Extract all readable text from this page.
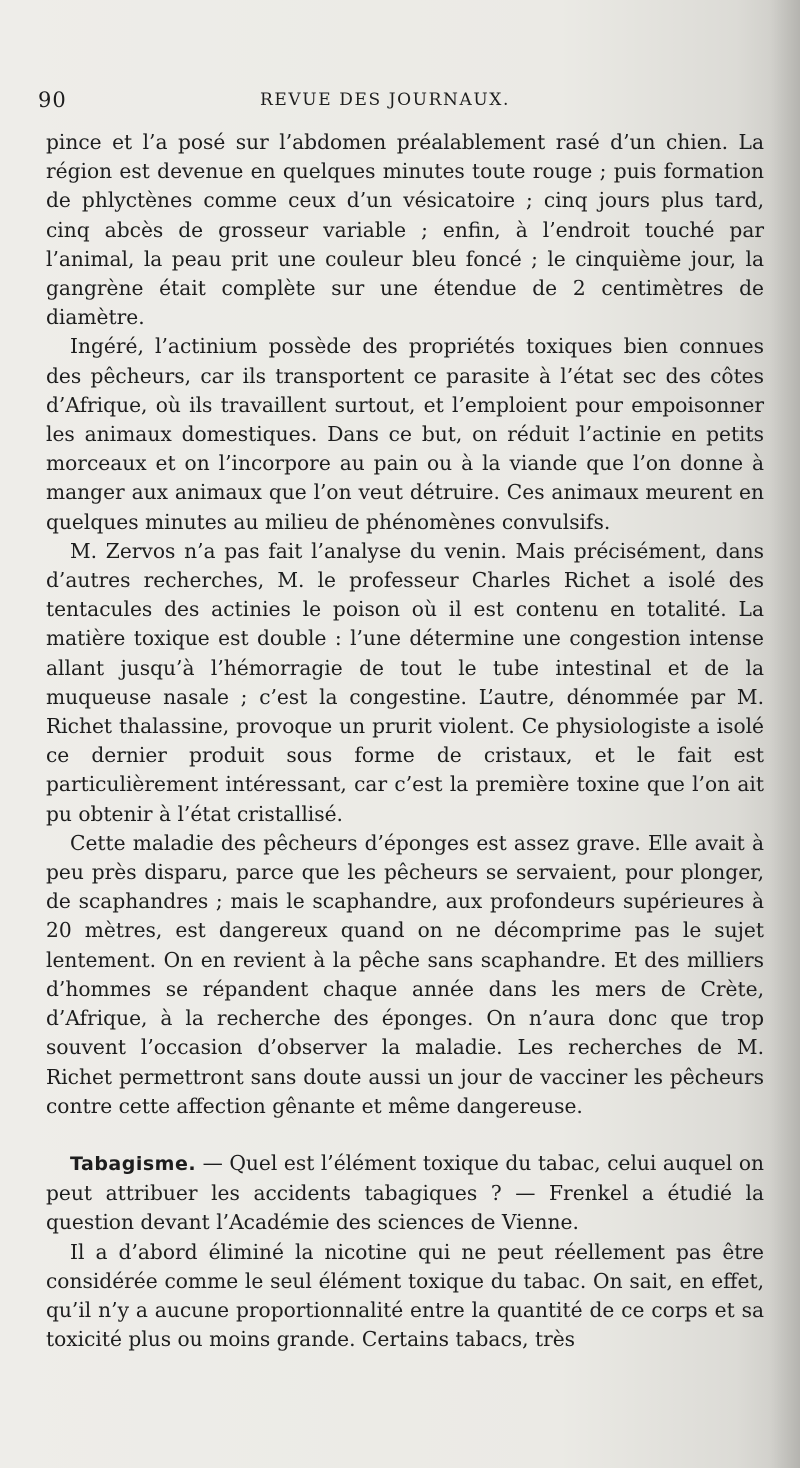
90	REVUE DES JOURNAUX.

pince et l’a posé sur l’abdomen préalablement rasé d’un chien. La région est devenue en quelques minutes toute rouge ; puis formation de phlyctènes comme ceux d’un vésicatoire ; cinq jours plus tard, cinq abcès de grosseur variable ; enfin, à l’endroit touché par l’animal, la peau prit une couleur bleu foncé ; le cinquième jour, la gangrène était complète sur une étendue de 2 centimètres de diamètre.

Ingéré, l’actinium possède des propriétés toxiques bien connues des pêcheurs, car ils transportent ce parasite à l’état sec des côtes d’Afrique, où ils travaillent surtout, et l’emploient pour empoisonner les animaux domestiques. Dans ce but, on réduit l’actinie en petits morceaux et on l’incorpore au pain ou à la viande que l’on donne à manger aux animaux que l’on veut détruire. Ces animaux meurent en quelques minutes au milieu de phénomènes convulsifs.

M. Zervos n’a pas fait l’analyse du venin. Mais précisément, dans d’autres recherches, M. le professeur Charles Richet a isolé des tentacules des actinies le poison où il est contenu en totalité. La matière toxique est double : l’une détermine une congestion intense allant jusqu’à l’hémorragie de tout le tube intestinal et de la muqueuse nasale ; c’est la congestine. L’autre, dénommée par M. Richet thalassine, provoque un prurit violent. Ce physiologiste a isolé ce dernier produit sous forme de cristaux, et le fait est particulièrement intéressant, car c’est la première toxine que l’on ait pu obtenir à l’état cristallisé.

Cette maladie des pêcheurs d’éponges est assez grave. Elle avait à peu près disparu, parce que les pêcheurs se servaient, pour plonger, de scaphandres ; mais le scaphandre, aux profondeurs supérieures à 20 mètres, est dangereux quand on ne décomprime pas le sujet lentement. On en revient à la pêche sans scaphandre. Et des milliers d’hommes se répandent chaque année dans les mers de Crète, d’Afrique, à la recherche des éponges. On n’aura donc que trop souvent l’occasion d’observer la maladie. Les recherches de M. Richet permettront sans doute aussi un jour de vacciner les pêcheurs contre cette affection gênante et même dangereuse.

Tabagisme. — Quel est l’élément toxique du tabac, celui auquel on peut attribuer les accidents tabagiques ? — Frenkel a étudié la question devant l’Académie des sciences de Vienne.

Il a d’abord éliminé la nicotine qui ne peut réellement pas être considérée comme le seul élément toxique du tabac. On sait, en effet, qu’il n’y a aucune proportionnalité entre la quantité de ce corps et sa toxicité plus ou moins grande. Certains tabacs, très
